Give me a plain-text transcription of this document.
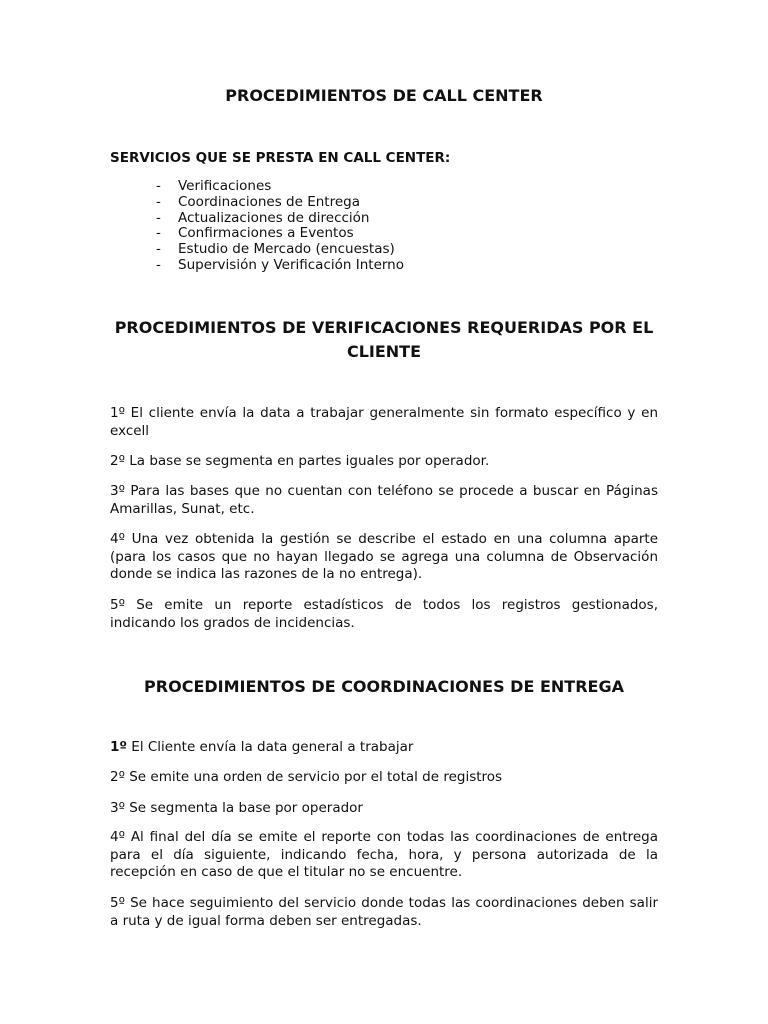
PROCEDIMIENTOS DE CALL CENTER

SERVICIOS QUE SE PRESTA EN CALL CENTER:

- Verificaciones
- Coordinaciones de Entrega
- Actualizaciones de dirección
- Confirmaciones a Eventos
- Estudio de Mercado (encuestas)
- Supervisión y Verificación Interno
PROCEDIMIENTOS DE VERIFICACIONES REQUERIDAS POR EL CLIENTE

1º El cliente envía la data a trabajar generalmente sin formato específico y en excell

2º La base se segmenta en partes iguales por operador.

3º Para las bases que no cuentan con teléfono se procede a buscar en Páginas Amarillas, Sunat, etc.

4º Una vez obtenida la gestión se describe el estado en una columna aparte (para los casos que no hayan llegado se agrega una columna de Observación donde se indica las razones de la no entrega).

5º Se emite un reporte estadísticos de todos los registros gestionados, indicando los grados de incidencias.

PROCEDIMIENTOS DE COORDINACIONES DE ENTREGA

1º El Cliente envía la data general a trabajar

2º Se emite una orden de servicio por el total de registros

3º Se segmenta la base por operador

4º Al final del día se emite el reporte con todas las coordinaciones de entrega para el día siguiente, indicando fecha, hora, y persona autorizada de la recepción en caso de que el titular no se encuentre.

5º Se hace seguimiento del servicio donde todas las coordinaciones deben salir a ruta y de igual forma deben ser entregadas.
